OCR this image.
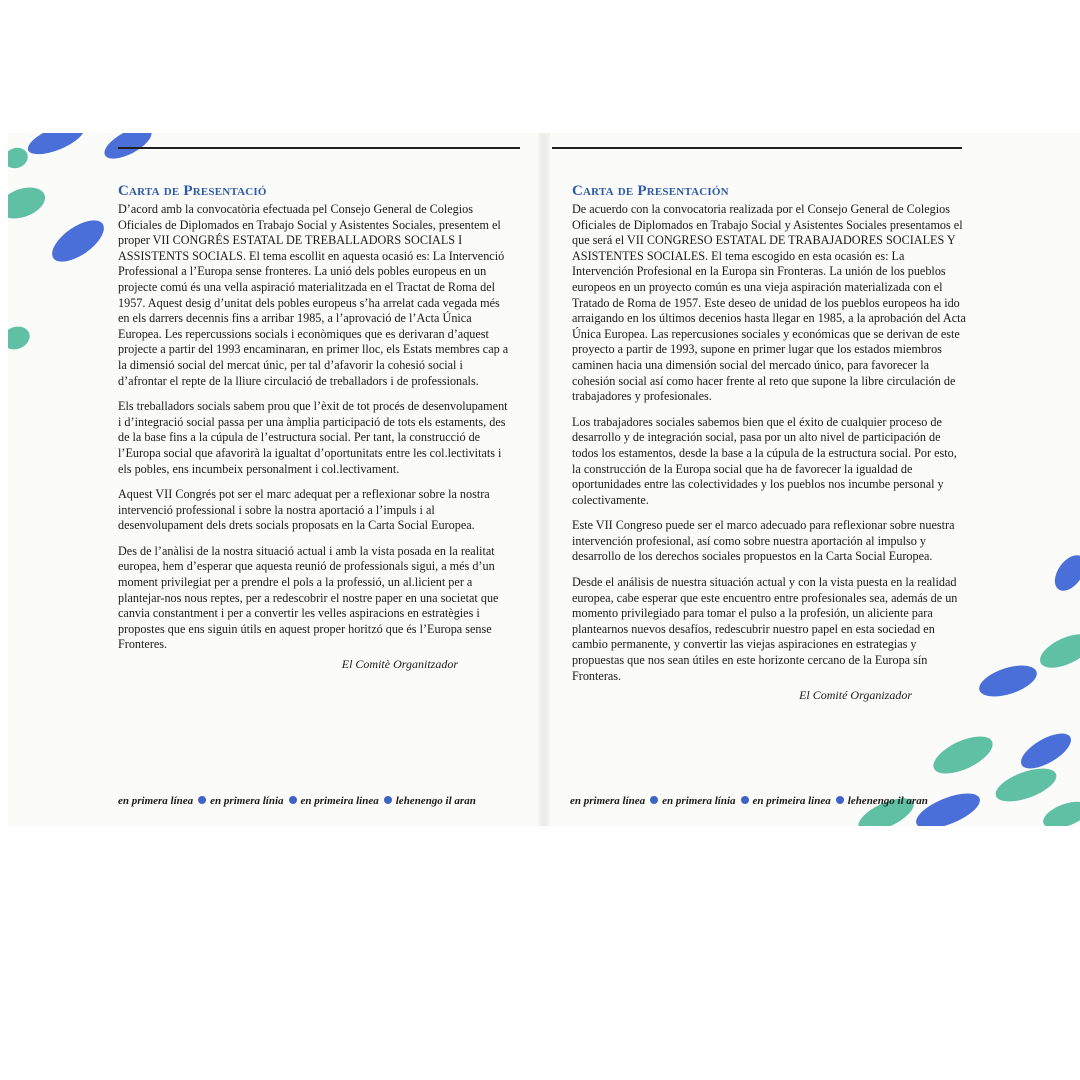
Carta de Presentació

D’acord amb la convocatòria efectuada pel Consejo General de Colegios Oficiales de Diplomados en Trabajo Social y Asistentes Sociales, presentem el proper VII CONGRÉS ESTATAL DE TREBALLADORS SOCIALS I ASSISTENTS SOCIALS. El tema escollit en aquesta ocasió es: La Intervenció Professional a l’Europa sense fronteres. La unió dels pobles europeus en un projecte comú és una vella aspiració materialitzada en el Tractat de Roma del 1957. Aquest desig d’unitat dels pobles europeus s’ha arrelat cada vegada més en els darrers decennis fins a arribar 1985, a l’aprovació de l’Acta Única Europea. Les repercussions socials i econòmiques que es derivaran d’aquest projecte a partir del 1993 encaminaran, en primer lloc, els Estats membres cap a la dimensió social del mercat únic, per tal d’afavorir la cohesió social i d’afrontar el repte de la lliure circulació de treballadors i de professionals.

Els treballadors socials sabem prou que l’èxit de tot procés de desenvolupament i d’integració social passa per una àmplia participació de tots els estaments, des de la base fins a la cúpula de l’estructura social. Per tant, la construcció de l’Europa social que afavorirà la igualtat d’oportunitats entre les col.lectivitats i els pobles, ens incumbeix personalment i col.lectivament.

Aquest VII Congrés pot ser el marc adequat per a reflexionar sobre la nostra intervenció professional i sobre la nostra aportació a l’impuls i al desenvolupament dels drets socials proposats en la Carta Social Europea.

Des de l’anàlisi de la nostra situació actual i amb la vista posada en la realitat europea, hem d’esperar que aquesta reunió de professionals sigui, a més d’un moment privilegiat per a prendre el pols a la professió, un al.licient per a plantejar-nos nous reptes, per a redescobrir el nostre paper en una societat que canvia constantment i per a convertir les velles aspiracions en estratègies i propostes que ens siguin útils en aquest proper horitzó que és l’Europa sense Fronteres.

El Comitè Organitzador
Carta de Presentación

De acuerdo con la convocatoria realizada por el Consejo General de Colegios Oficiales de Diplomados en Trabajo Social y Asistentes Sociales presentamos el que será el VII CONGRESO ESTATAL DE TRABAJADORES SOCIALES Y ASISTENTES SOCIALES. El tema escogido en esta ocasión es: La Intervención Profesional en la Europa sin Fronteras. La unión de los pueblos europeos en un proyecto común es una vieja aspiración materializada con el Tratado de Roma de 1957. Este deseo de unidad de los pueblos europeos ha ido arraigando en los últimos decenios hasta llegar en 1985, a la aprobación del Acta Única Europea. Las repercusiones sociales y económicas que se derivan de este proyecto a partir de 1993, supone en primer lugar que los estados miembros caminen hacia una dimensión social del mercado único, para favorecer la cohesión social así como hacer frente al reto que supone la libre circulación de trabajadores y profesionales.

Los trabajadores sociales sabemos bien que el éxito de cualquier proceso de desarrollo y de integración social, pasa por un alto nivel de participación de todos los estamentos, desde la base a la cúpula de la estructura social. Por esto, la construcción de la Europa social que ha de favorecer la igualdad de oportunidades entre las colectividades y los pueblos nos incumbe personal y colectivamente.

Este VII Congreso puede ser el marco adecuado para reflexionar sobre nuestra intervención profesional, así como sobre nuestra aportación al impulso y desarrollo de los derechos sociales propuestos en la Carta Social Europea.

Desde el análisis de nuestra situación actual y con la vista puesta en la realidad europea, cabe esperar que este encuentro entre profesionales sea, además de un momento privilegiado para tomar el pulso a la profesión, un aliciente para plantearnos nuevos desafíos, redescubrir nuestro papel en esta sociedad en cambio permanente, y convertir las viejas aspiraciones en estrategias y propuestas que nos sean útiles en este horizonte cercano de la Europa sín Fronteras.

El Comité Organizador
en primera línea en primera línia en primeira linea lehenengo il aran	en primera línea en primera línia en primeira linea lehenengo il aran
